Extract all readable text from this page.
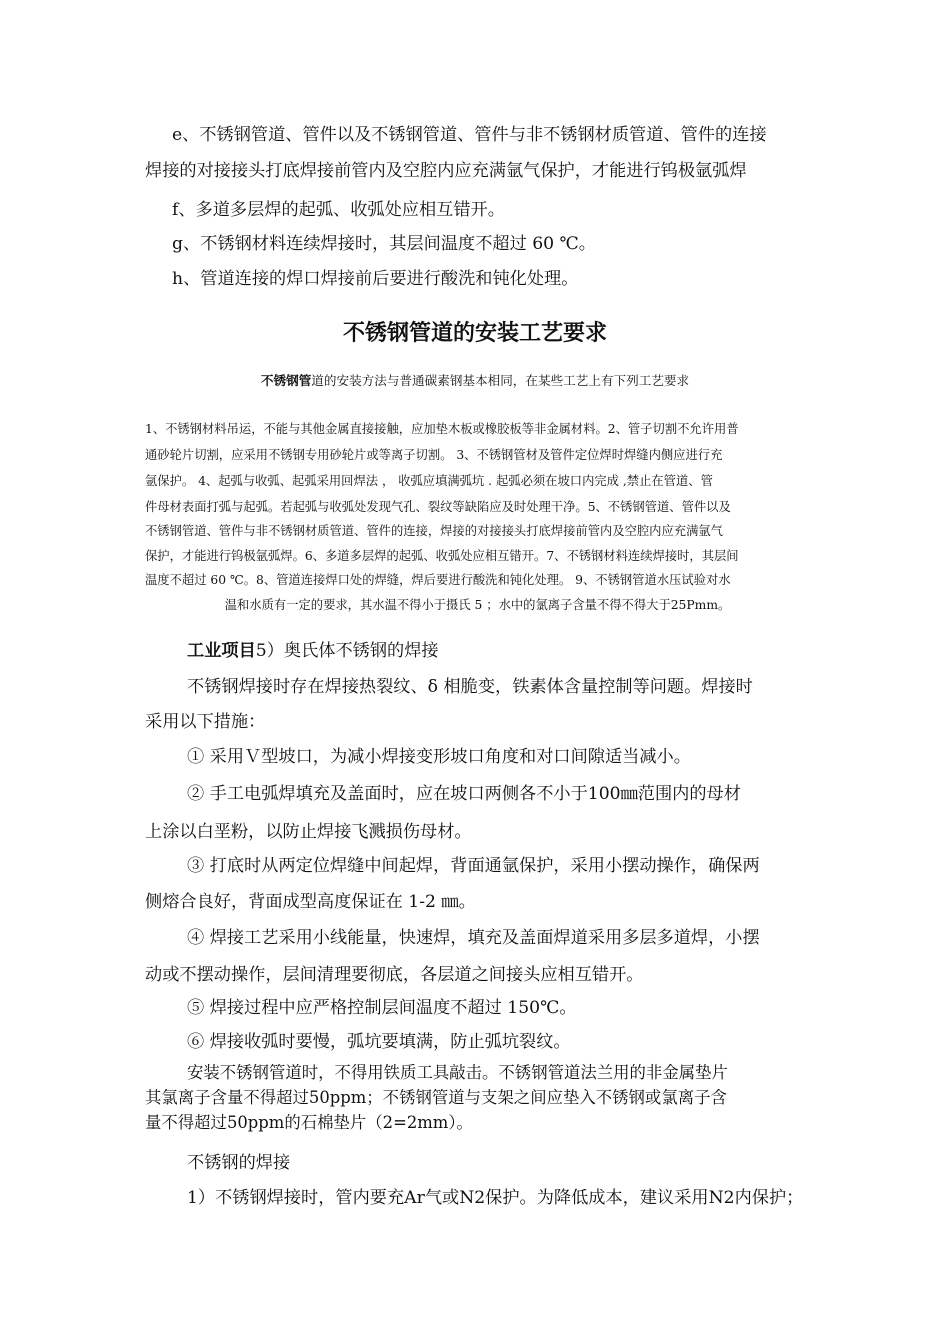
e、不锈钢管道、管件以及不锈钢管道、管件与非不锈钢材质管道、管件的连接
焊接的对接接头打底焊接前管内及空腔内应充满氩气保护，才能进行钨极氩弧焊
f、多道多层焊的起弧、收弧处应相互错开。
g、不锈钢材料连续焊接时，其层间温度不超过 60 ℃。
h、管道连接的焊口焊接前后要进行酸洗和钝化处理。
不锈钢管道的安装工艺要求
不锈钢管道的安装方法与普通碳素钢基本相同，在某些工艺上有下列工艺要求
1、不锈钢材料吊运，不能与其他金属直接接触，应加垫木板或橡胶板等非金属材料。2、管子切割不允许用普
通砂轮片切割，应采用不锈钢专用砂轮片或等离子切割。 3、不锈钢管材及管件定位焊时焊缝内侧应进行充
氩保护。 4、起弧与收弧、起弧采用回焊法 ， 收弧应填满弧坑 . 起弧必须在坡口内完成 ,禁止在管道、管
件母材表面打弧与起弧。若起弧与收弧处发现气孔、裂纹等缺陷应及时处理干净。5、不锈钢管道、管件以及
不锈钢管道、管件与非不锈钢材质管道、管件的连接，焊接的对接接头打底焊接前管内及空腔内应充满氩气
保护，才能进行钨极氩弧焊。6、多道多层焊的起弧、收弧处应相互错开。7、不锈钢材料连续焊接时，其层间
温度不超过 60 ℃。8、管道连接焊口处的焊缝，焊后要进行酸洗和钝化处理。 9、不锈钢管道水压试验对水
温和水质有一定的要求，其水温不得小于摄氏 5 ；水中的氯离子含量不得不得大于25Pmm。
工业项目5）奥氏体不锈钢的焊接
不锈钢焊接时存在焊接热裂纹、δ 相脆变，铁素体含量控制等问题。焊接时
采用以下措施：
① 采用Ｖ型坡口，为减小焊接变形坡口角度和对口间隙适当减小。
② 手工电弧焊填充及盖面时，应在坡口两侧各不小于100㎜范围内的母材
上涂以白垩粉，以防止焊接飞溅损伤母材。
③ 打底时从两定位焊缝中间起焊，背面通氩保护，采用小摆动操作，确保两
侧熔合良好，背面成型高度保证在 1-2 ㎜。
④ 焊接工艺采用小线能量，快速焊，填充及盖面焊道采用多层多道焊，小摆
动或不摆动操作，层间清理要彻底，各层道之间接头应相互错开。
⑤ 焊接过程中应严格控制层间温度不超过 150℃。
⑥ 焊接收弧时要慢，弧坑要填满，防止弧坑裂纹。
安装不锈钢管道时，不得用铁质工具敲击。不锈钢管道法兰用的非金属垫片
其氯离子含量不得超过50ppm；不锈钢管道与支架之间应垫入不锈钢或氯离子含
量不得超过50ppm的石棉垫片（2=2mm）。
不锈钢的焊接
1）不锈钢焊接时，管内要充Ar气或N2保护。为降低成本，建议采用N2内保护；
